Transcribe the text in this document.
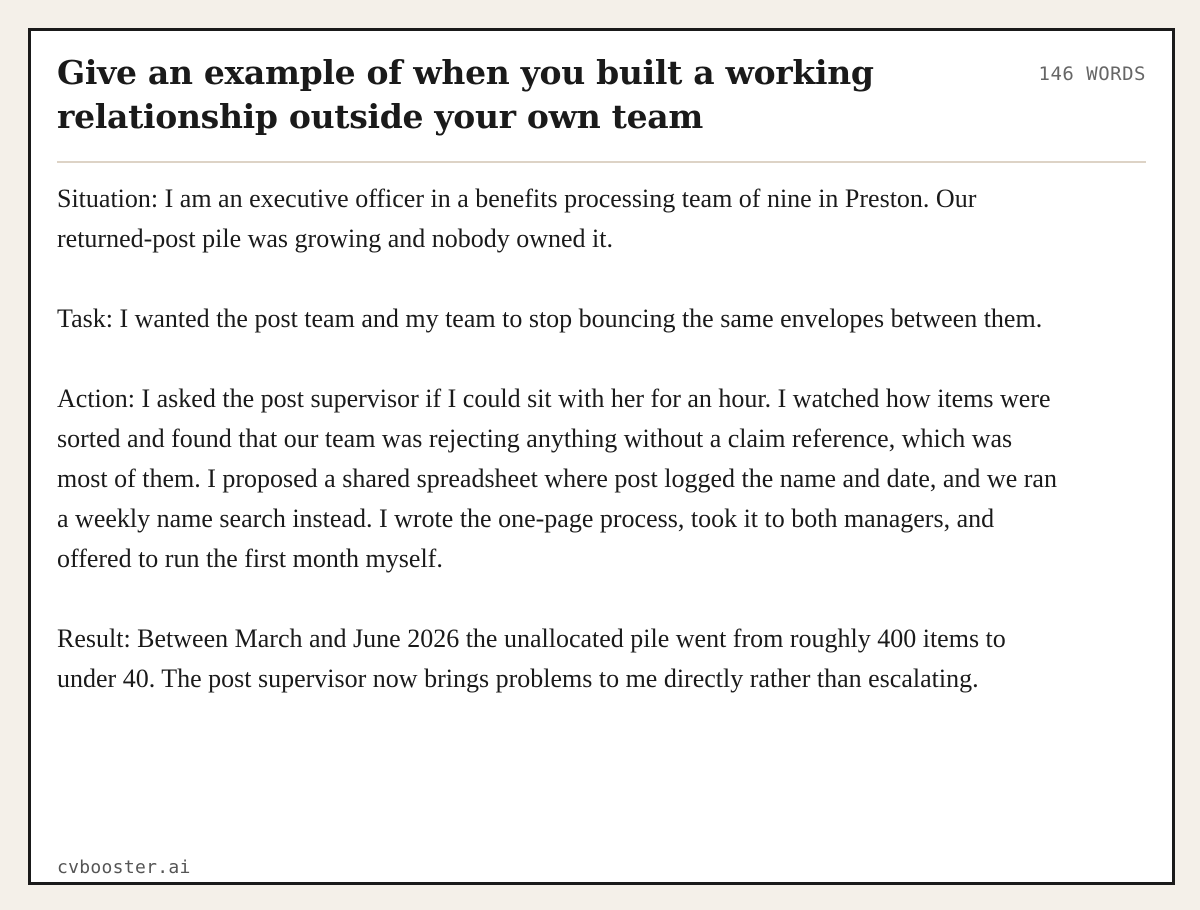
Give an example of when you built a working relationship outside your own team
146 WORDS

Situation: I am an executive officer in a benefits processing team of nine in Preston. Our returned-post pile was growing and nobody owned it.

Task: I wanted the post team and my team to stop bouncing the same envelopes between them.

Action: I asked the post supervisor if I could sit with her for an hour. I watched how items were sorted and found that our team was rejecting anything without a claim reference, which was most of them. I proposed a shared spreadsheet where post logged the name and date, and we ran a weekly name search instead. I wrote the one-page process, took it to both managers, and offered to run the first month myself.

Result: Between March and June 2026 the unallocated pile went from roughly 400 items to under 40. The post supervisor now brings problems to me directly rather than escalating.

cvbooster.ai
